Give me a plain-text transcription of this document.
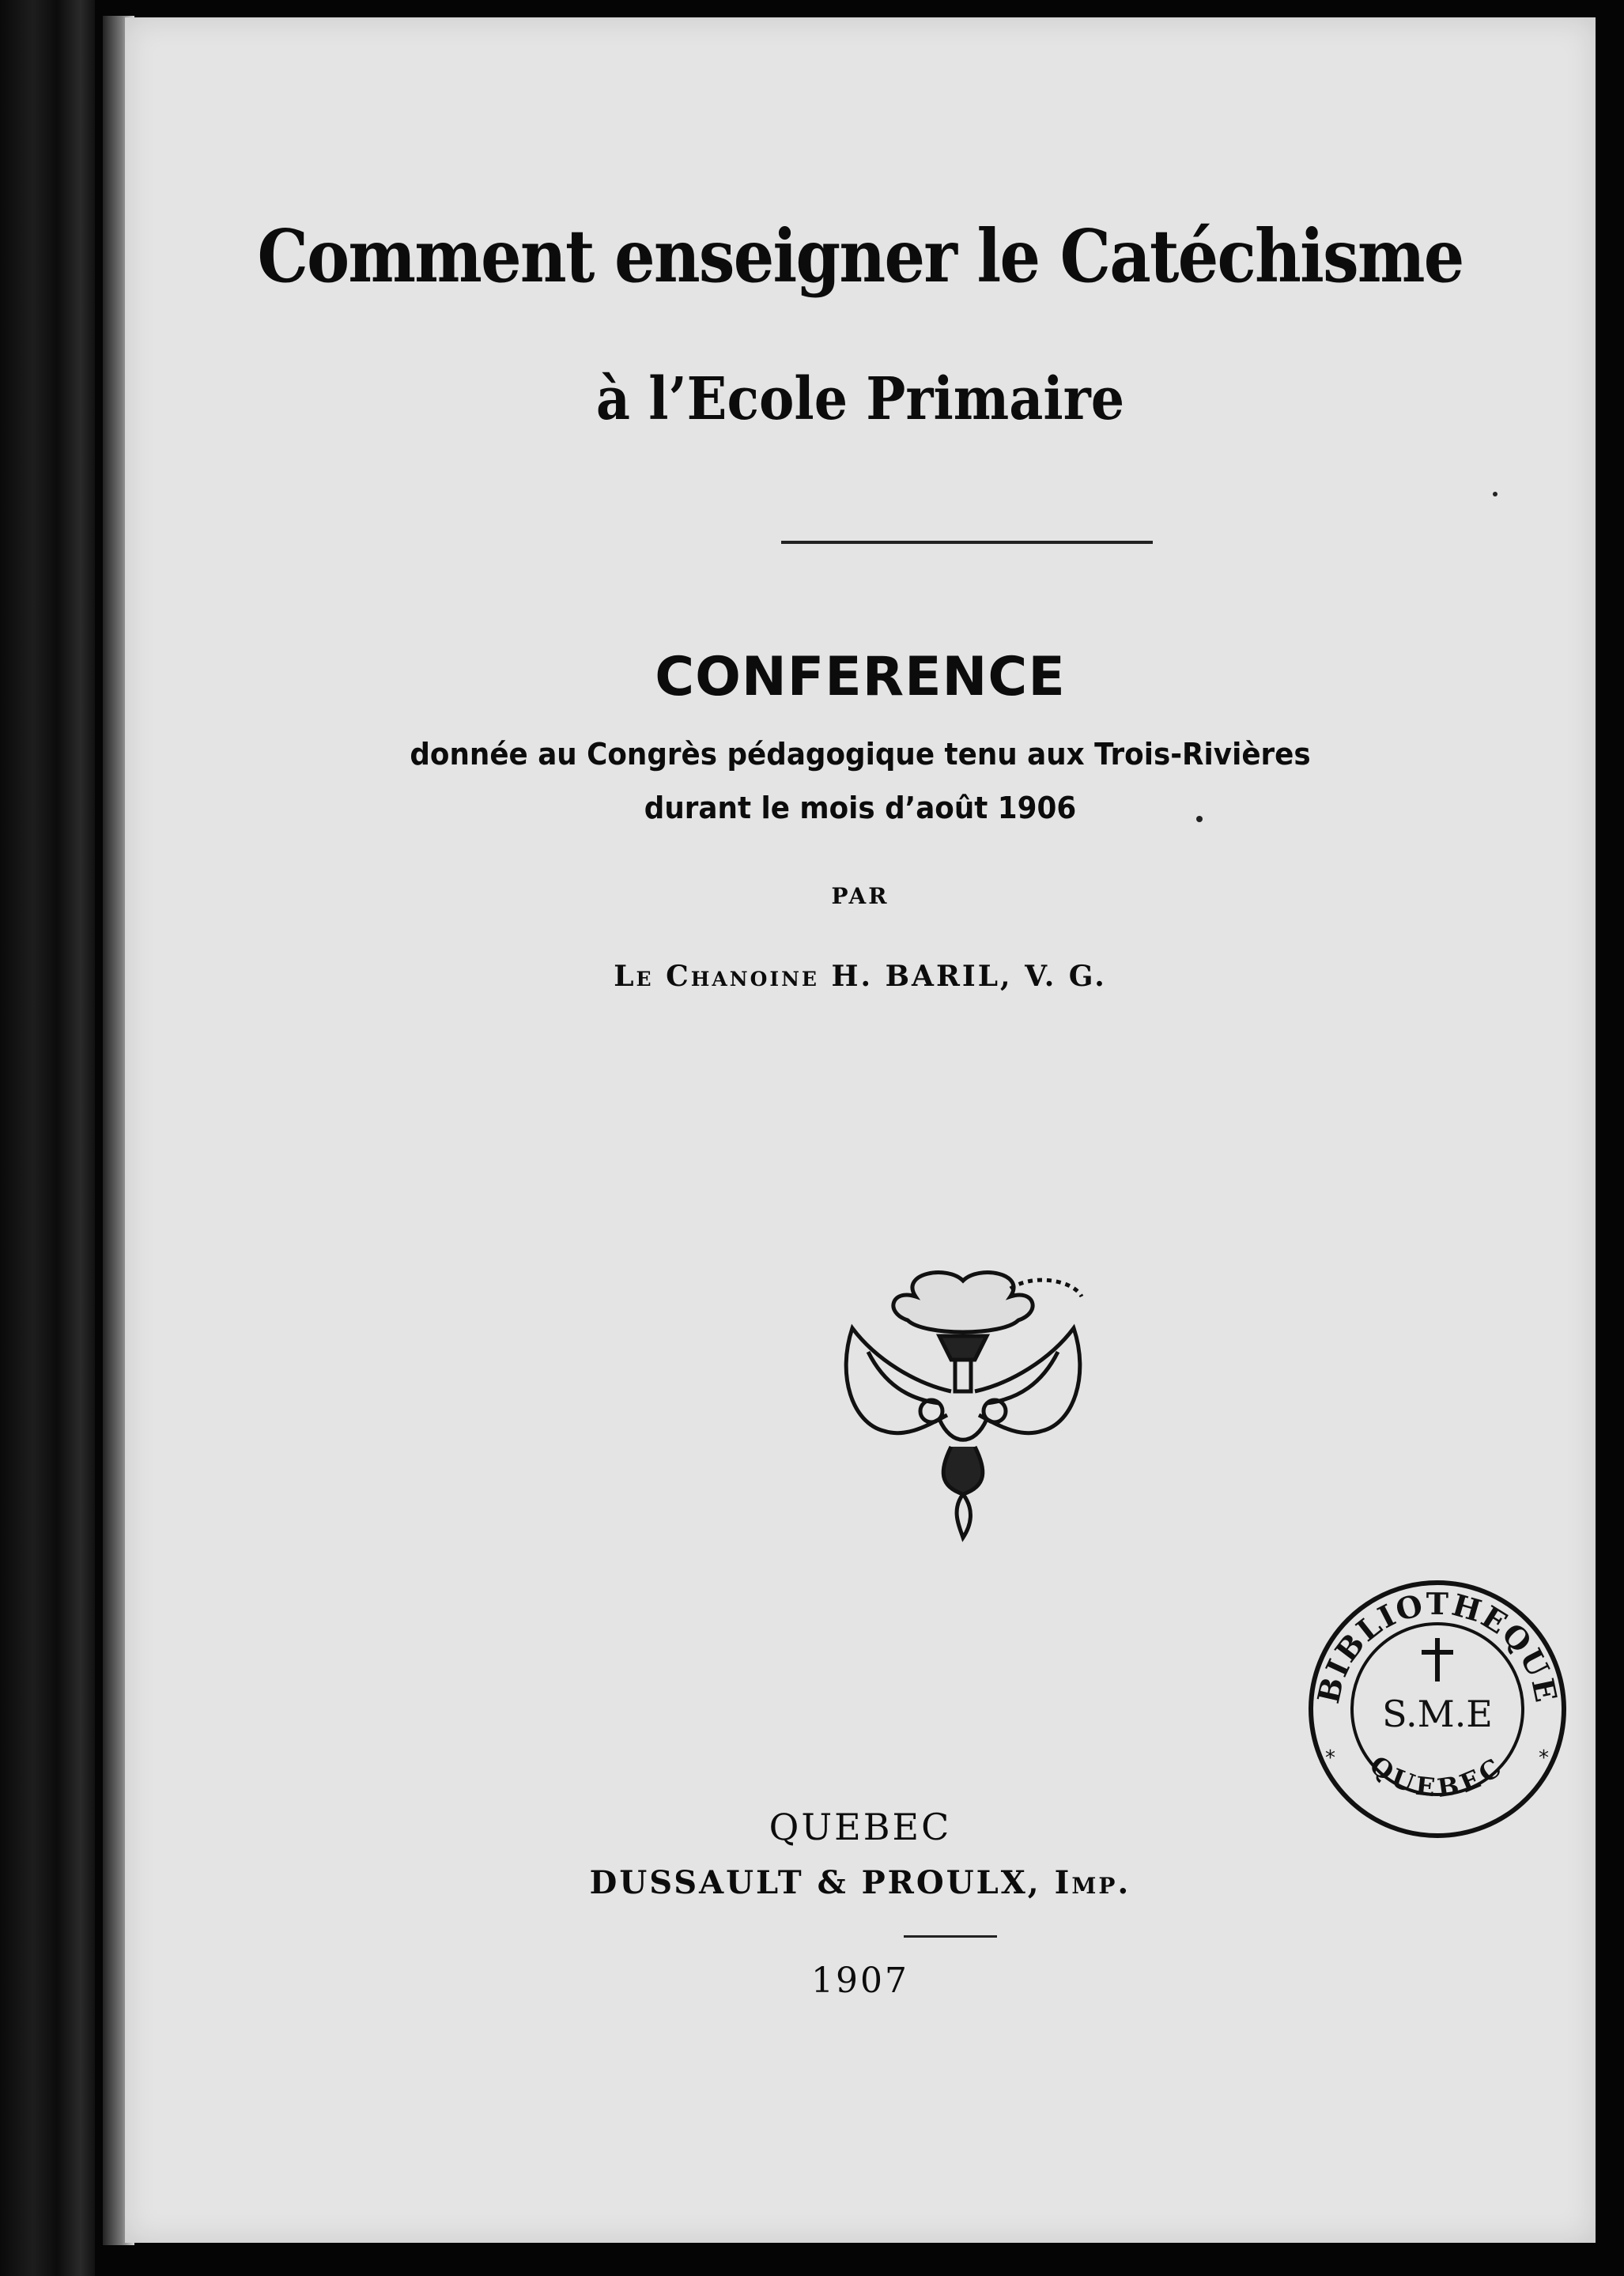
Comment enseigner le Catéchisme
à l’Ecole Primaire
CONFERENCE
donnée au Congrès pédagogique tenu aux Trois-Rivières
durant le mois d’août 1906
PAR
Le Chanoine H. BARIL, V. G.
BIBLIOTHEQUE
QUEBEC
S.M.E
*	*
QUEBEC
DUSSAULT & PROULX, Imp.
1907
